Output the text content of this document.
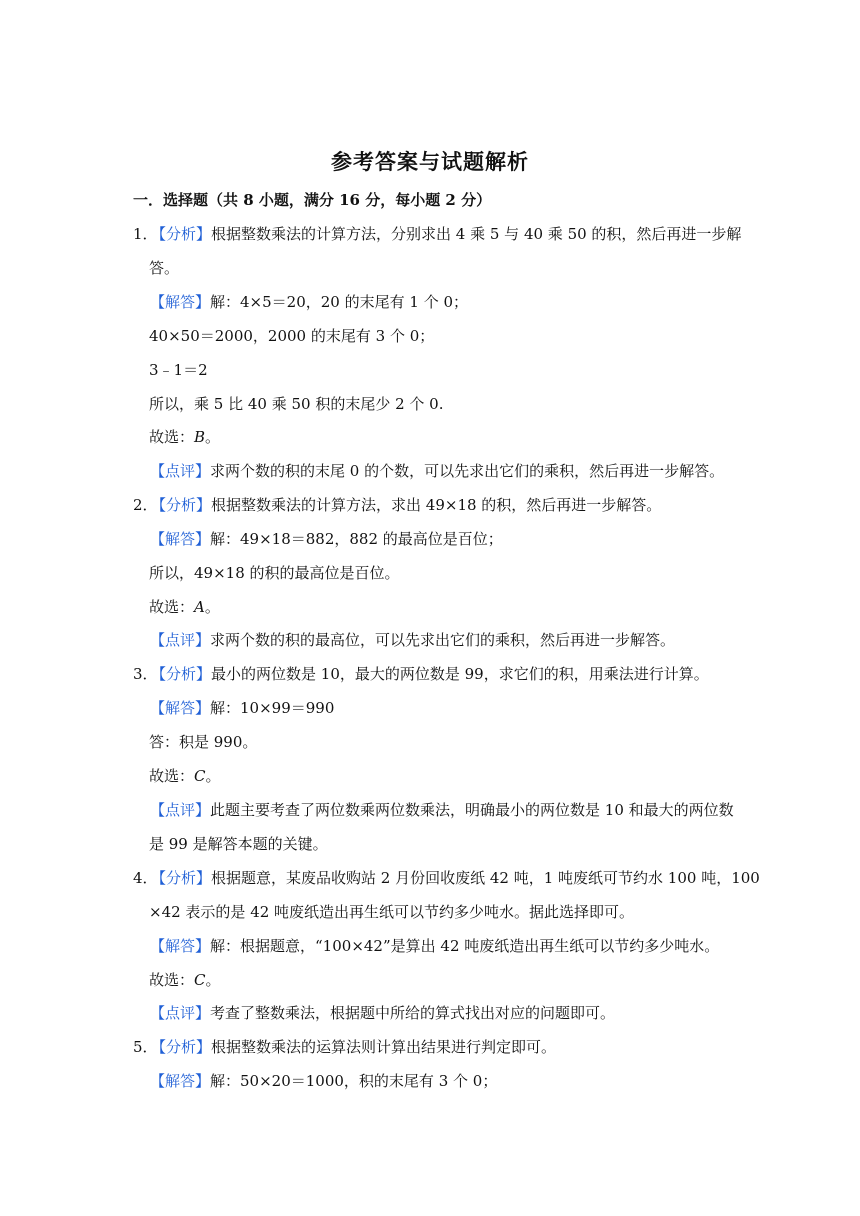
参考答案与试题解析
一．选择题（共 8 小题，满分 16 分，每小题 2 分）
1．【分析】根据整数乘法的计算方法，分别求出 4 乘 5 与 40 乘 50 的积，然后再进一步解
答。
【解答】解：4×5＝20，20 的末尾有 1 个 0；
40×50＝2000，2000 的末尾有 3 个 0；
3﹣1＝2
所以，乘 5 比 40 乘 50 积的末尾少 2 个 0.
故选：B。
【点评】求两个数的积的末尾 0 的个数，可以先求出它们的乘积，然后再进一步解答。
2．【分析】根据整数乘法的计算方法，求出 49×18 的积，然后再进一步解答。
【解答】解：49×18＝882，882 的最高位是百位；
所以，49×18 的积的最高位是百位。
故选：A。
【点评】求两个数的积的最高位，可以先求出它们的乘积，然后再进一步解答。
3．【分析】最小的两位数是 10，最大的两位数是 99，求它们的积，用乘法进行计算。
【解答】解：10×99＝990
答：积是 990。
故选：C。
【点评】此题主要考查了两位数乘两位数乘法，明确最小的两位数是 10 和最大的两位数
是 99 是解答本题的关键。
4．【分析】根据题意，某废品收购站 2 月份回收废纸 42 吨，1 吨废纸可节约水 100 吨，100
×42 表示的是 42 吨废纸造出再生纸可以节约多少吨水。据此选择即可。
【解答】解：根据题意，“100×42”是算出 42 吨废纸造出再生纸可以节约多少吨水。
故选：C。
【点评】考查了整数乘法，根据题中所给的算式找出对应的问题即可。
5．【分析】根据整数乘法的运算法则计算出结果进行判定即可。
【解答】解：50×20＝1000，积的末尾有 3 个 0；
